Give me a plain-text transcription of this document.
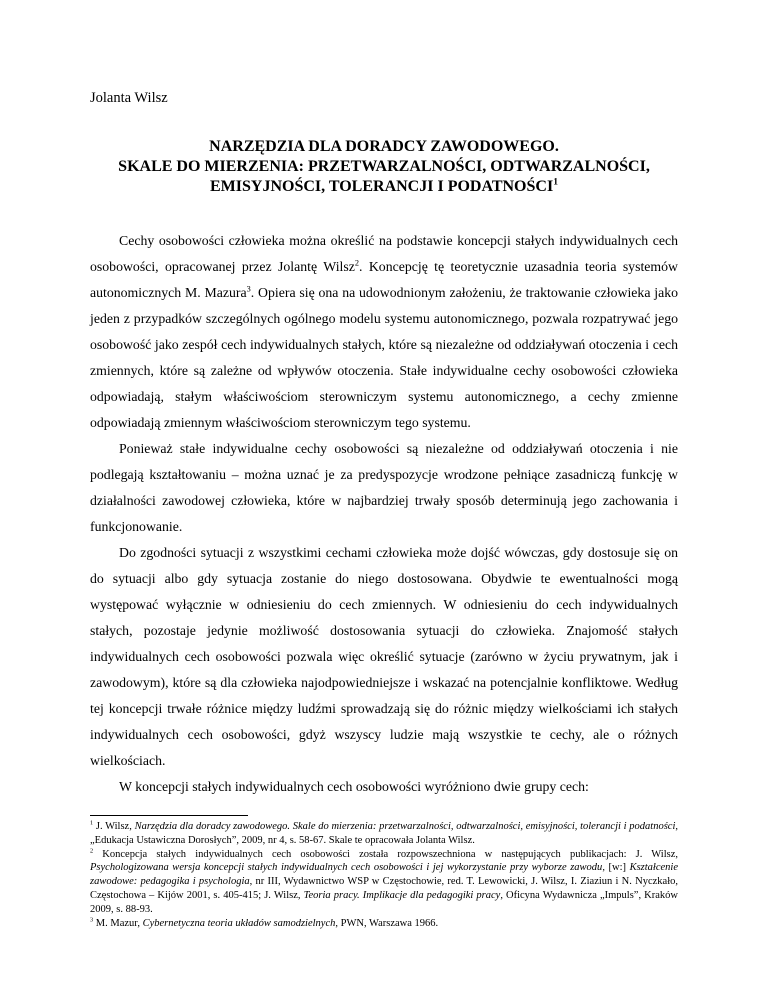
Jolanta Wilsz

NARZĘDZIA DLA DORADCY ZAWODOWEGO.
SKALE DO MIERZENIA: PRZETWARZALNOŚCI, ODTWARZALNOŚCI,
EMISYJNOŚCI, TOLERANCJI I PODATNOŚCI$^1$

Cechy osobowości człowieka można określić na podstawie koncepcji stałych indywidualnych cech osobowości, opracowanej przez Jolantę Wilsz$^2$. Koncepcję tę teoretycznie uzasadnia teoria systemów autonomicznych M. Mazura$^3$. Opiera się ona na udowodnionym założeniu, że traktowanie człowieka jako jeden z przypadków szczególnych ogólnego modelu systemu autonomicznego, pozwala rozpatrywać jego osobowość jako zespół cech indywidualnych stałych, które są niezależne od oddziaływań otoczenia i cech zmiennych, które są zależne od wpływów otoczenia. Stałe indywidualne cechy osobowości człowieka odpowiadają, stałym właściwościom sterowniczym systemu autonomicznego, a cechy zmienne odpowiadają zmiennym właściwościom sterowniczym tego systemu.

Ponieważ stałe indywidualne cechy osobowości są niezależne od oddziaływań otoczenia i nie podlegają kształtowaniu – można uznać je za predyspozycje wrodzone pełniące zasadniczą funkcję w działalności zawodowej człowieka, które w najbardziej trwały sposób determinują jego zachowania i funkcjonowanie.

Do zgodności sytuacji z wszystkimi cechami człowieka może dojść wówczas, gdy dostosuje się on do sytuacji albo gdy sytuacja zostanie do niego dostosowana. Obydwie te ewentualności mogą występować wyłącznie w odniesieniu do cech zmiennych. W odniesieniu do cech indywidualnych stałych, pozostaje jedynie możliwość dostosowania sytuacji do człowieka. Znajomość stałych indywidualnych cech osobowości pozwala więc określić sytuacje (zarówno w życiu prywatnym, jak i zawodowym), które są dla człowieka najodpowiedniejsze i wskazać na potencjalnie konfliktowe. Według tej koncepcji trwałe różnice między ludźmi sprowadzają się do różnic między wielkościami ich stałych indywidualnych cech osobowości, gdyż wszyscy ludzie mają wszystkie te cechy, ale o różnych wielkościach.

W koncepcji stałych indywidualnych cech osobowości wyróżniono dwie grupy cech:

$^1$ J. Wilsz, Narzędzia dla doradcy zawodowego. Skale do mierzenia: przetwarzalności, odtwarzalności, emisyjności, tolerancji i podatności, „Edukacja Ustawiczna Dorosłych”, 2009, nr 4, s. 58-67. Skale te opracowała Jolanta Wilsz.

$^2$ Koncepcja stałych indywidualnych cech osobowości została rozpowszechniona w następujących publikacjach: J. Wilsz, Psychologizowana wersja koncepcji stałych indywidualnych cech osobowości i jej wykorzystanie przy wyborze zawodu, [w:] Kształcenie zawodowe: pedagogika i psychologia, nr III, Wydawnictwo WSP w Częstochowie, red. T. Lewowicki, J. Wilsz, I. Ziaziun i N. Nyczkało, Częstochowa – Kijów 2001, s. 405-415; J. Wilsz, Teoria pracy. Implikacje dla pedagogiki pracy, Oficyna Wydawnicza „Impuls”, Kraków 2009, s. 88-93.

$^3$ M. Mazur, Cybernetyczna teoria układów samodzielnych, PWN, Warszawa 1966.
